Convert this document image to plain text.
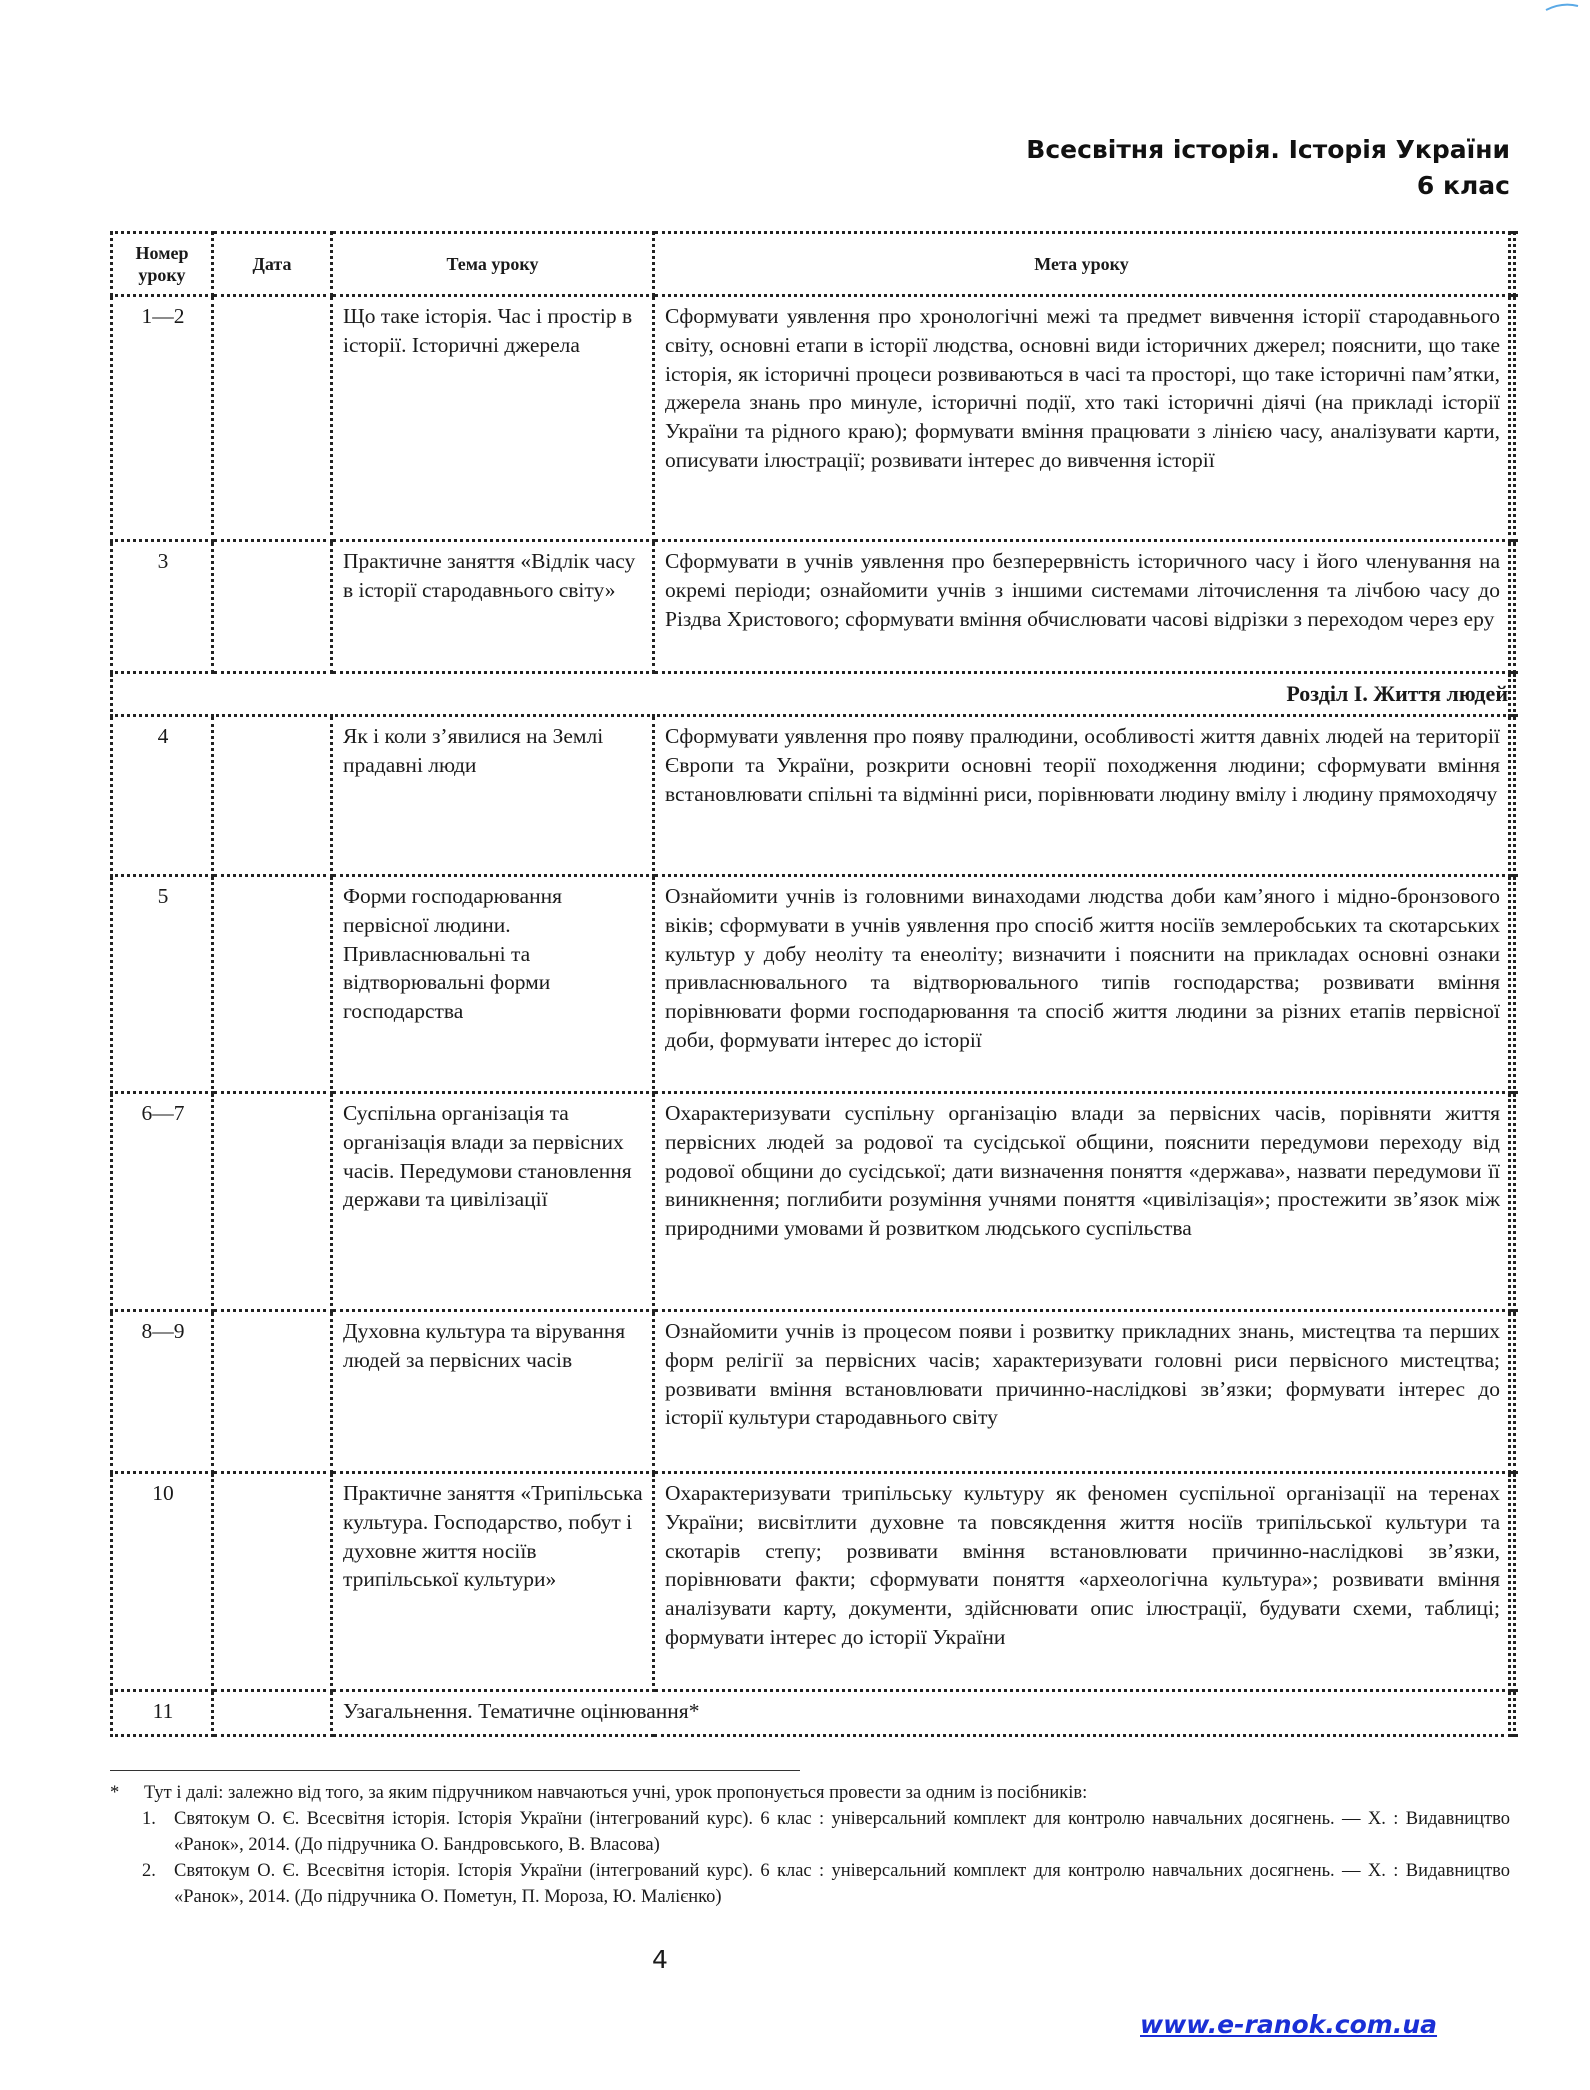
Всесвітня історія. Історія України
6 клас
Номер уроку	Дата	Тема уроку	Мета уроку	
1—2		Що таке історія. Час і простір в історії. Історичні джерела	Сформувати уявлення про хронологічні межі та предмет вивчення історії стародавнього світу, основні етапи в історії людства, основні види історичних джерел; пояснити, що таке історія, як історичні процеси розвиваються в часі та просторі, що таке історичні пам’ятки, джерела знань про минуле, історичні події, хто такі історичні діячі (на прикладі історії України та рідного краю); формувати вміння працювати з лінією часу, аналізувати карти, описувати ілюстрації; розвивати інтерес до вивчення історії	
3		Практичне заняття «Відлік часу в історії стародавнього світу»	Сформувати в учнів уявлення про безперервність історичного часу і його членування на окремі періоди; ознайомити учнів з іншими системами літочислення та лічбою часу до Різдва Христового; сформувати вміння обчислювати часові відрізки з переходом через еру	
Розділ І. Життя людей				
4		Як і коли з’явилися на Землі прадавні люди	Сформувати уявлення про появу пралюдини, особливості життя давніх людей на території Європи та України, розкрити основні теорії походження людини; сформувати вміння встановлювати спільні та відмінні риси, порівнювати людину вмілу і людину прямоходячу	
5		Форми господарювання первісної людини. Привласнювальні та відтворювальні форми господарства	Ознайомити учнів із головними винаходами людства доби кам’яного і мідно-бронзового віків; сформувати в учнів уявлення про спосіб життя носіїв землеробських та скотарських культур у добу неоліту та енеоліту; визначити і пояснити на прикладах основні ознаки привласнювального та відтворювального типів господарства; розвивати вміння порівнювати форми господарювання та спосіб життя людини за різних етапів первісної доби, формувати інтерес до історії	
6—7		Суспільна організація та організація влади за первісних часів. Передумови становлення держави та цивілізації	Охарактеризувати суспільну організацію влади за первісних часів, порівняти життя первісних людей за родової та сусідської общини, пояснити передумови переходу від родової общини до сусідської; дати визначення поняття «держава», назвати передумови її виникнення; поглибити розуміння учнями поняття «цивілізація»; простежити зв’язок між природними умовами й розвитком людського суспільства	
8—9		Духовна культура та вірування людей за первісних часів	Ознайомити учнів із процесом появи і розвитку прикладних знань, мистецтва та перших форм релігії за первісних часів; характеризувати головні риси первісного мистецтва; розвивати вміння встановлювати причинно-наслідкові зв’язки; формувати інтерес до історії культури стародавнього світу	
10		Практичне заняття «Трипільська культура. Господарство, побут і духовне життя носіїв трипільської культури»	Охарактеризувати трипільську культуру як феномен суспільної організації на теренах України; висвітлити духовне та повсякдення життя носіїв трипільської культури та скотарів степу; розвивати вміння встановлювати причинно-наслідкові зв’язки, порівнювати факти; сформувати поняття «археологічна культура»; розвивати вміння аналізувати карту, документи, здійснювати опис ілюстрації, будувати схеми, таблиці; формувати інтерес до історії України	
11		Узагальнення. Тематичне оцінювання*		
* Тут і далі: залежно від того, за яким підручником навчаються учні, урок пропонується провести за одним із посібників:
1. Святокум О. Є. Всесвітня історія. Історія України (інтегрований курс). 6 клас : універсальний комплект для контролю навчальних досягнень. — Х. : Видавництво «Ранок», 2014. (До підручника О. Бандровського, В. Власова)
2. Святокум О. Є. Всесвітня історія. Історія України (інтегрований курс). 6 клас : універсальний комплект для контролю навчальних досягнень. — Х. : Видавництво «Ранок», 2014. (До підручника О. Пометун, П. Мороза, Ю. Малієнко)
4
www.e-ranok.com.ua
